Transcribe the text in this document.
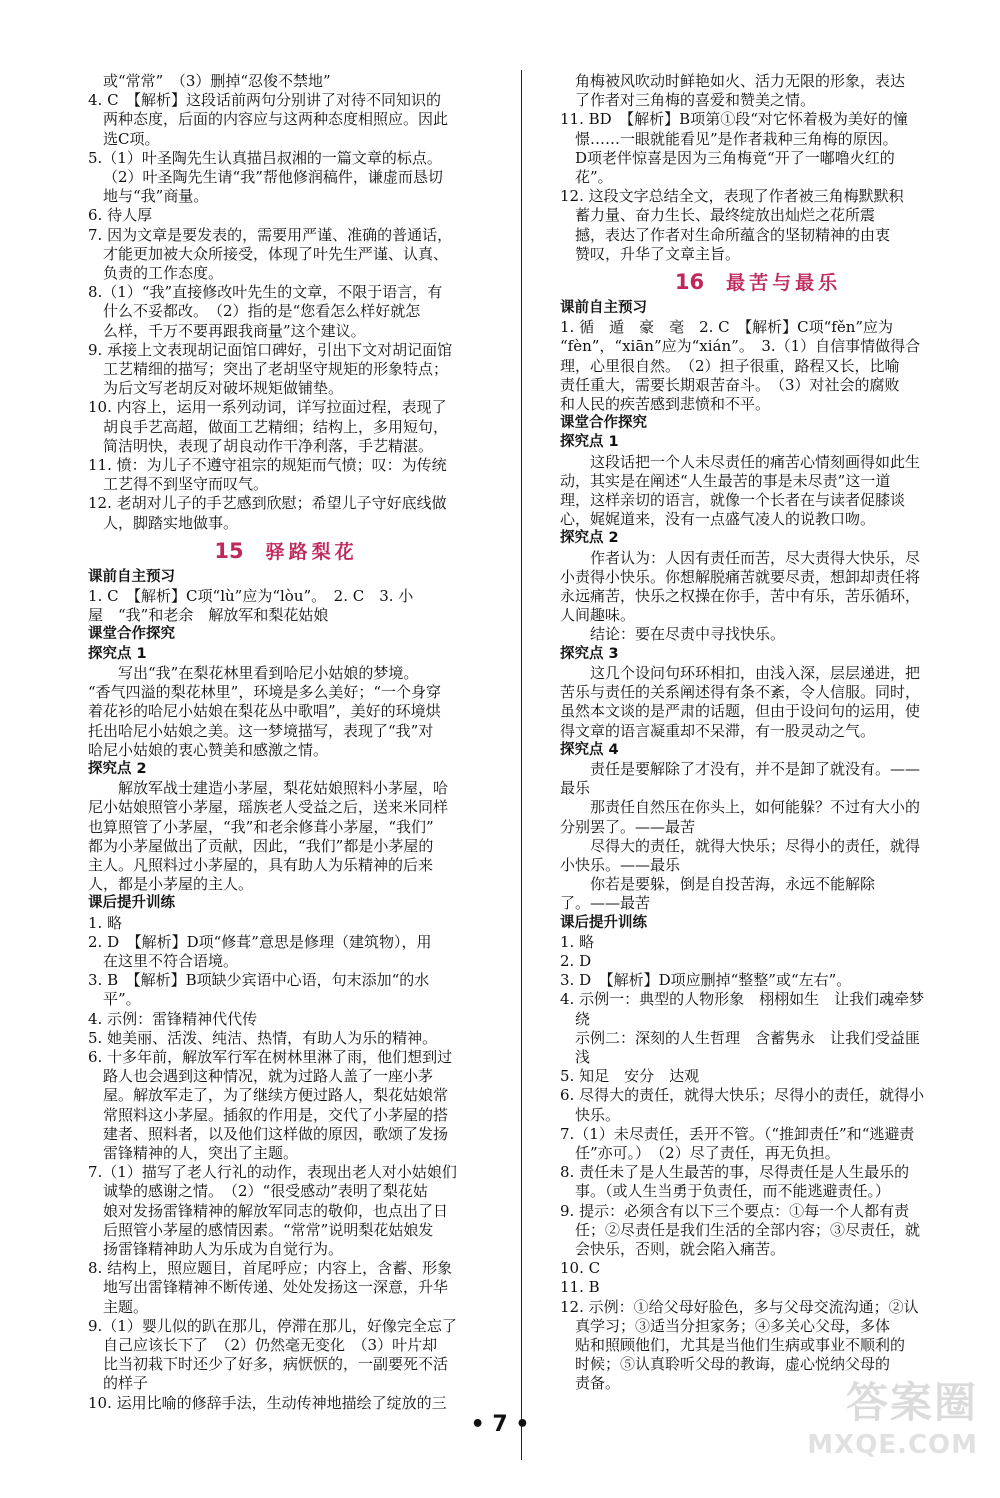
或“常常”　（3）删掉“忍俊不禁地”
4. C　【解析】这段话前两句分别讲了对待不同知识的
两种态度，后面的内容应与这两种态度相照应。因此
选C项。
5.（1）叶圣陶先生认真描吕叔湘的一篇文章的标点。
（2）叶圣陶先生请“我”帮他修润稿件，谦虚而恳切
地与“我”商量。
6. 待人厚
7. 因为文章是要发表的，需要用严谨、准确的普通话，
才能更加被大众所接受，体现了叶先生严谨、认真、
负责的工作态度。
8.（1）“我”直接修改叶先生的文章，不限于语言，有
什么不妥都改。　（2）指的是“您看怎么样好就怎
么样，千万不要再跟我商量”这个建议。
9. 承接上文表现胡记面馆口碑好，引出下文对胡记面馆
工艺精细的描写；突出了老胡坚守规矩的形象特点；
为后文写老胡反对破坏规矩做铺垫。
10. 内容上，运用一系列动词，详写拉面过程，表现了
胡良手艺高超，做面工艺精细；结构上，多用短句，
简洁明快，表现了胡良动作干净利落，手艺精湛。
11. 愤：为儿子不遵守祖宗的规矩而气愤；叹：为传统
工艺得不到坚守而叹气。
12. 老胡对儿子的手艺感到欣慰；希望儿子守好底线做
人，脚踏实地做事。
15 驿路梨花
课前自主预习
1. C　【解析】C项“lù”应为“lòu”。　2. C　3. 小
屋　“我”和老余　解放军和梨花姑娘
课堂合作探究
探究点 1
写出“我”在梨花林里看到哈尼小姑娘的梦境。
“香气四溢的梨花林里”，环境是多么美好；“一个身穿
着花衫的哈尼小姑娘在梨花丛中歌唱”，美好的环境烘
托出哈尼小姑娘之美。这一梦境描写，表现了“我”对
哈尼小姑娘的衷心赞美和感激之情。
探究点 2
解放军战士建造小茅屋，梨花姑娘照料小茅屋，哈
尼小姑娘照管小茅屋，瑶族老人受益之后，送来米同样
也算照管了小茅屋，“我”和老余修葺小茅屋，“我们”
都为小茅屋做出了贡献，因此，“我们”都是小茅屋的
主人。凡照料过小茅屋的，具有助人为乐精神的后来
人，都是小茅屋的主人。
课后提升训练
1. 略
2. D　【解析】D项“修葺”意思是修理（建筑物），用
在这里不符合语境。
3. B　【解析】B项缺少宾语中心语，句末添加“的水
平”。
4. 示例：雷锋精神代代传
5. 她美丽、活泼、纯洁、热情，有助人为乐的精神。
6. 十多年前，解放军行军在树林里淋了雨，他们想到过
路人也会遇到这种情况，就为过路人盖了一座小茅
屋。解放军走了，为了继续方便过路人，梨花姑娘常
常照料这小茅屋。插叙的作用是，交代了小茅屋的搭
建者、照料者，以及他们这样做的原因，歌颂了发扬
雷锋精神的人，突出了主题。
7.（1）描写了老人行礼的动作，表现出老人对小姑娘们
诚挚的感谢之情。　（2）“很受感动”表明了梨花姑
娘对发扬雷锋精神的解放军同志的敬仰，也点出了日
后照管小茅屋的感情因素。“常常”说明梨花姑娘发
扬雷锋精神助人为乐成为自觉行为。
8. 结构上，照应题目，首尾呼应；内容上，含蓄、形象
地写出雷锋精神不断传递、处处发扬这一深意，升华
主题。
9.（1）婴儿似的趴在那儿，停滞在那儿，好像完全忘了
自己应该长下了　（2）仍然毫无变化　（3）叶片却
比当初栽下时还少了好多，病恹恹的，一副要死不活
的样子
10. 运用比喻的修辞手法，生动传神地描绘了绽放的三
角梅被风吹动时鲜艳如火、活力无限的形象，表达
了作者对三角梅的喜爱和赞美之情。
11. BD　【解析】B项第①段“对它怀着极为美好的憧
憬……一眼就能看见”是作者栽种三角梅的原因。
D项老伴惊喜是因为三角梅竟“开了一嘟噜火红的
花”。
12. 这段文字总结全文，表现了作者被三角梅默默积
蓄力量、奋力生长、最终绽放出灿烂之花所震
撼，表达了作者对生命所蕴含的坚韧精神的由衷
赞叹，升华了文章主旨。
16 最苦与最乐
课前自主预习
1. 循　遁　豪　毫　2. C　【解析】C项“fěn”应为
“fèn”，“xiān”应为“xián”。　3.（1）自信事情做得合
理，心里很自然。　（2）担子很重，路程又长，比喻
责任重大，需要长期艰苦奋斗。　（3）对社会的腐败
和人民的疾苦感到悲愤和不平。
课堂合作探究
探究点 1
这段话把一个人未尽责任的痛苦心情刻画得如此生
动，其实是在阐述“人生最苦的事是未尽责”这一道
理，这样亲切的语言，就像一个长者在与读者促膝谈
心，娓娓道来，没有一点盛气凌人的说教口吻。
探究点 2
作者认为：人因有责任而苦，尽大责得大快乐，尽
小责得小快乐。你想解脱痛苦就要尽责，想卸却责任将
永远痛苦，快乐之权操在你手，苦中有乐，苦乐循环，
人间趣味。
结论：要在尽责中寻找快乐。
探究点 3
这几个设问句环环相扣，由浅入深，层层递进，把
苦乐与责任的关系阐述得有条不紊，令人信服。同时，
虽然本文谈的是严肃的话题，但由于设问句的运用，使
得文章的语言凝重却不呆滞，有一股灵动之气。
探究点 4
责任是要解除了才没有，并不是卸了就没有。——
最乐
那责任自然压在你头上，如何能躲？不过有大小的
分别罢了。——最苦
尽得大的责任，就得大快乐；尽得小的责任，就得
小快乐。——最乐
你若是要躲，倒是自投苦海，永远不能解除
了。——最苦
课后提升训练
1. 略
2. D
3. D　【解析】D项应删掉“整整”或“左右”。
4. 示例一：典型的人物形象　栩栩如生　让我们魂牵梦
绕
示例二：深刻的人生哲理　含蓄隽永　让我们受益匪
浅
5. 知足　安分　达观
6. 尽得大的责任，就得大快乐；尽得小的责任，就得小
快乐。
7.（1）未尽责任，丢开不管。（“推卸责任”和“逃避责
任”亦可。）　（2）尽了责任，再无负担。
8. 责任未了是人生最苦的事，尽得责任是人生最乐的
事。（或人生当勇于负责任，而不能逃避责任。）
9. 提示：必须含有以下三个要点：①每一个人都有责
任；②尽责任是我们生活的全部内容；③尽责任，就
会快乐，否则，就会陷入痛苦。
10. C
11. B
12. 示例：①给父母好脸色，多与父母交流沟通；②认
真学习；③适当分担家务；④多关心父母，多体
贴和照顾他们，尤其是当他们生病或事业不顺利的
时候；⑤认真聆听父母的教诲，虚心悦纳父母的
责备。
• 7 •	答案圈
MXQE.COM
